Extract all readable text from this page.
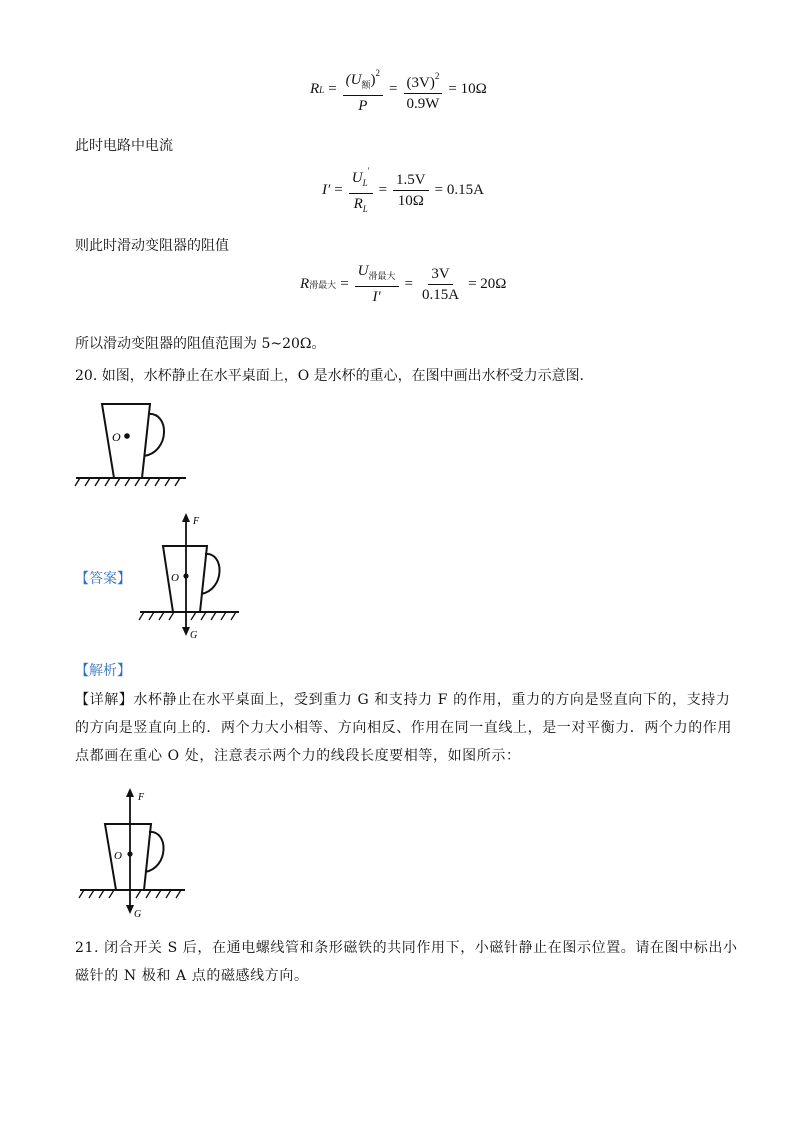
R $L = \frac{(U_额)^2}{P} = \frac{(3V)^2}{0.9W} = 10\Omega$
此时电路中电流
$I' = \frac{U_L'}{R_L} = \frac{1.5V}{10\Omega} = 0.15A$
则此时滑动变阻器的阻值
R 滑最大 = $\frac{U_{滑最大}}{I'} = \frac{3V}{0.15A} = 20\Omega$
所以滑动变阻器的阻值范围为 5~20Ω。
20. 如图，水杯静止在水平桌面上，O 是水杯的重心，在图中画出水杯受力示意图．
O
【答案】	O
F
G
【解析】
【详解】水杯静止在水平桌面上，受到重力 G 和支持力 F 的作用，重力的方向是竖直向下的，支持力的方向是竖直向上的．两个力大小相等、方向相反、作用在同一直线上，是一对平衡力．两个力的作用点都画在重心 O 处，注意表示两个力的线段长度要相等，如图所示：
O
F
G
21. 闭合开关 S 后，在通电螺线管和条形磁铁的共同作用下，小磁针静止在图示位置。请在图中标出小磁针的 N 极和 A 点的磁感线方向。
